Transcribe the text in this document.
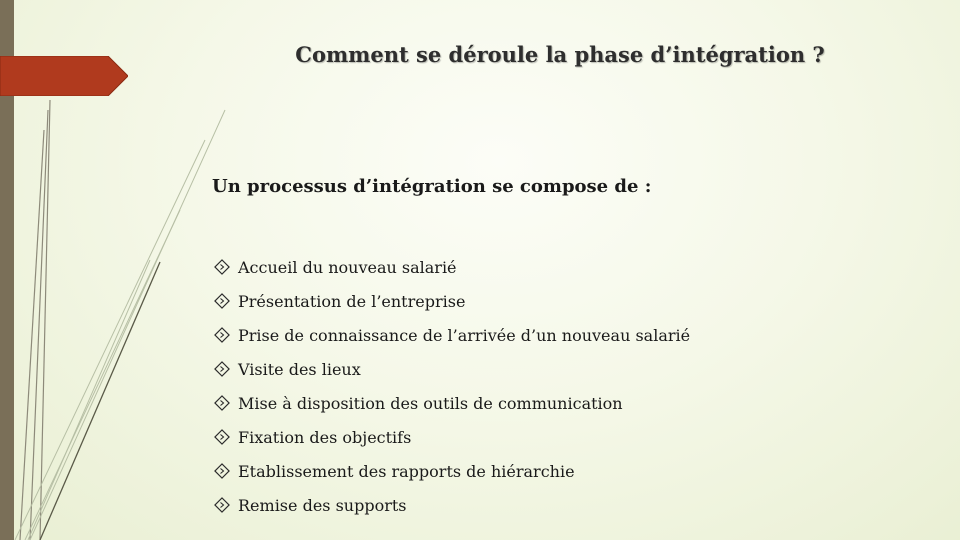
Comment se déroule la phase d’intégration ?

Un processus d’intégration se compose de :

Accueil du nouveau salarié
Présentation de l’entreprise
Prise de connaissance de l’arrivée d’un nouveau salarié
Visite des lieux
Mise à disposition des outils de communication
Fixation des objectifs
Etablissement des rapports de hiérarchie
Remise des supports
